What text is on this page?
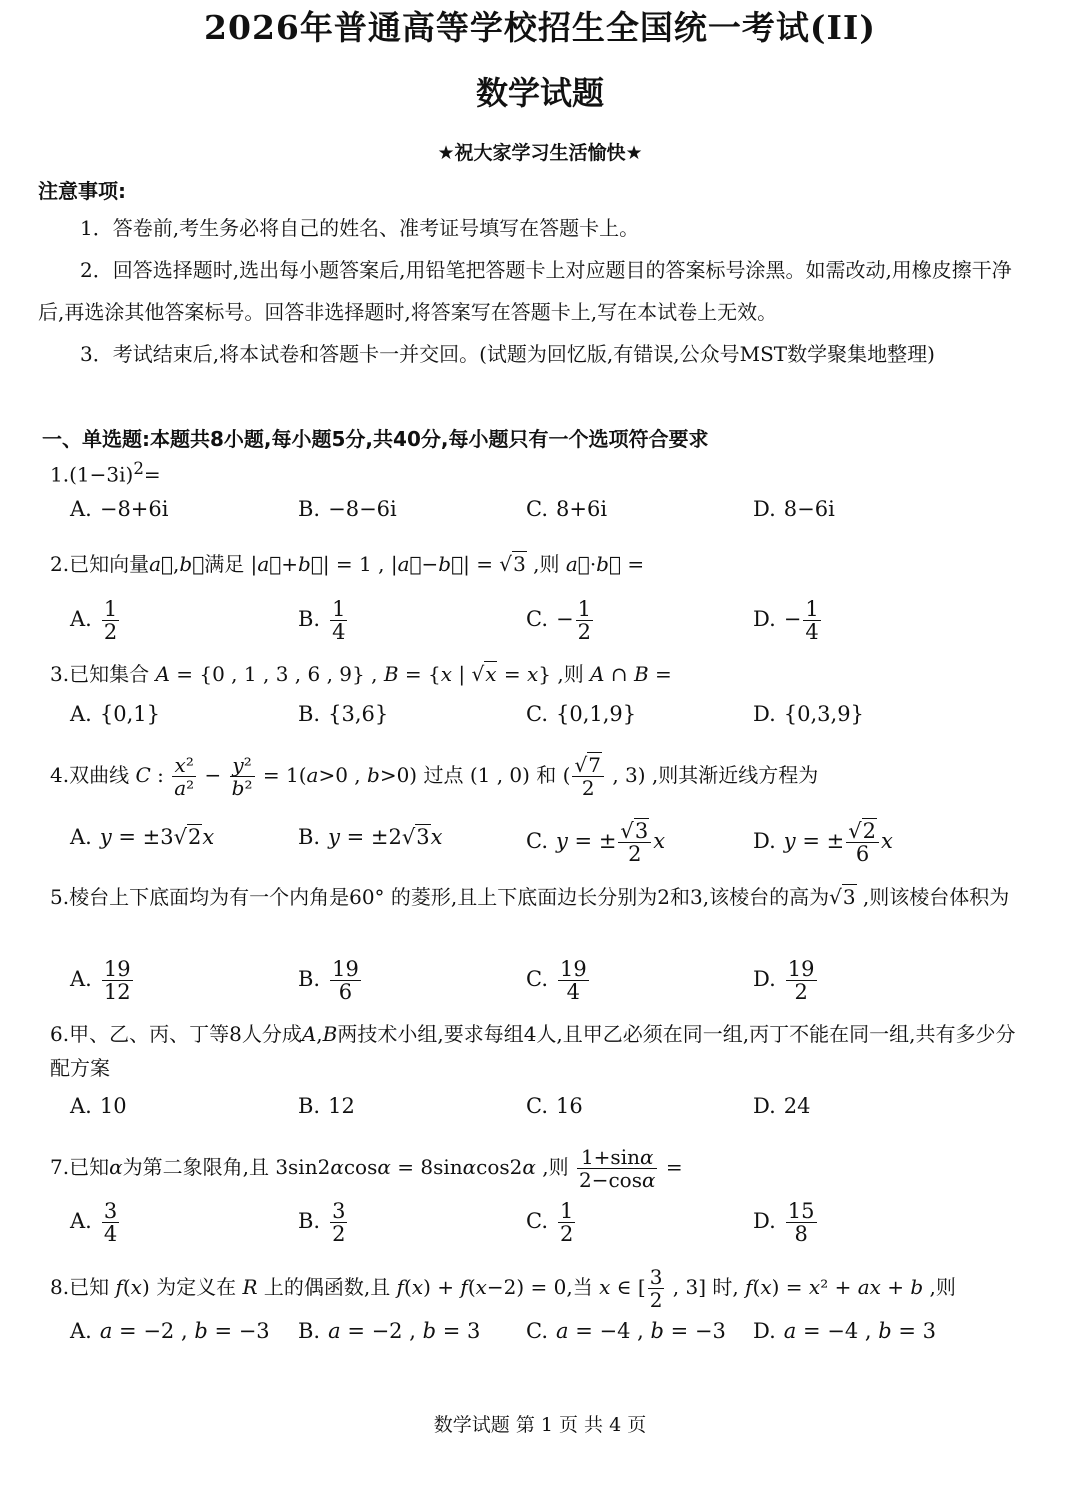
2026年普通高等学校招生全国统一考试(II)
数学试题
★祝大家学习生活愉快★
注意事项:
1．答卷前,考生务必将自己的姓名、准考证号填写在答题卡上。
2．回答选择题时,选出每小题答案后,用铅笔把答题卡上对应题目的答案标号涂黑。如需改动,用橡皮擦干净后,再选涂其他答案标号。回答非选择题时,将答案写在答题卡上,写在本试卷上无效。
3．考试结束后,将本试卷和答题卡一并交回。(试题为回忆版,有错误,公众号MST数学聚集地整理)
一、单选题:本题共8小题,每小题5分,共40分,每小题只有一个选项符合要求
$1.(1-3i)^2=$
A. −8+6i	B. −8−6i	C. 8+6i	D. 8−6i
2.已知向量a⃗,b⃗满足 |a⃗+b⃗| = 1 , |a⃗−b⃗| = √3 ,则 a⃗·b⃗ =
A. $\frac{1}{2}$	B. $\frac{1}{4}$	C. − $\frac{1}{2}$	D. − $\frac{1}{4}$
3.已知集合 A = {0 , 1 , 3 , 6 , 9} , B = {x | √x = x} ,则 A ∩ B =
A. {0,1}	B. {3,6}	C. {0,1,9}	D. {0,3,9}
4.双曲线 C : $\frac{\text{x²}}{\text{a²}} - \frac{\text{y²}}{\text{b²}} = 1(a>0$ , b>0) 过点 (1 , 0) 和 ( $\frac{√7}{2}$ , 3) ,则其渐近线方程为
A. y = ±3√2x	B. y = ±2√3x	C. y = ± $\frac{√3}{2}$ x	D. y = ± $\frac{√2}{6}$ x
5.棱台上下底面均为有一个内角是60° 的菱形,且上下底面边长分别为2和3,该棱台的高为√3 ,则该棱台体积为
A. $\frac{19}{12}$	B. $\frac{19}{6}$	C. $\frac{19}{4}$	D. $\frac{19}{2}$
6.甲、乙、丙、丁等8人分成A,B两技术小组,要求每组4人,且甲乙必须在同一组,丙丁不能在同一组,共有多少分配方案
A. 10	B. 12	C. 16	D. 24
7.已知α为第二象限角,且 3sin2αcosα = 8sinαcos2α ,则 $\frac{1+\sin\alpha}{2-\cos\alpha}$ =
A. $\frac{3}{4}$	B. $\frac{3}{2}$	C. $\frac{1}{2}$	D. $\frac{15}{8}$
8.已知 f(x) 为定义在 R 上的偶函数,且 f(x) + f(x−2) = 0,当 x ∈ [ $\frac{3}{2}$ , 3] 时, f(x) = x² + ax + b ,则
A. a = −2 , b = −3 B. a = −2 , b = 3 C. a = −4 , b = −3 D. a = −4 , b = 3
数学试题 第 1 页 共 4 页
